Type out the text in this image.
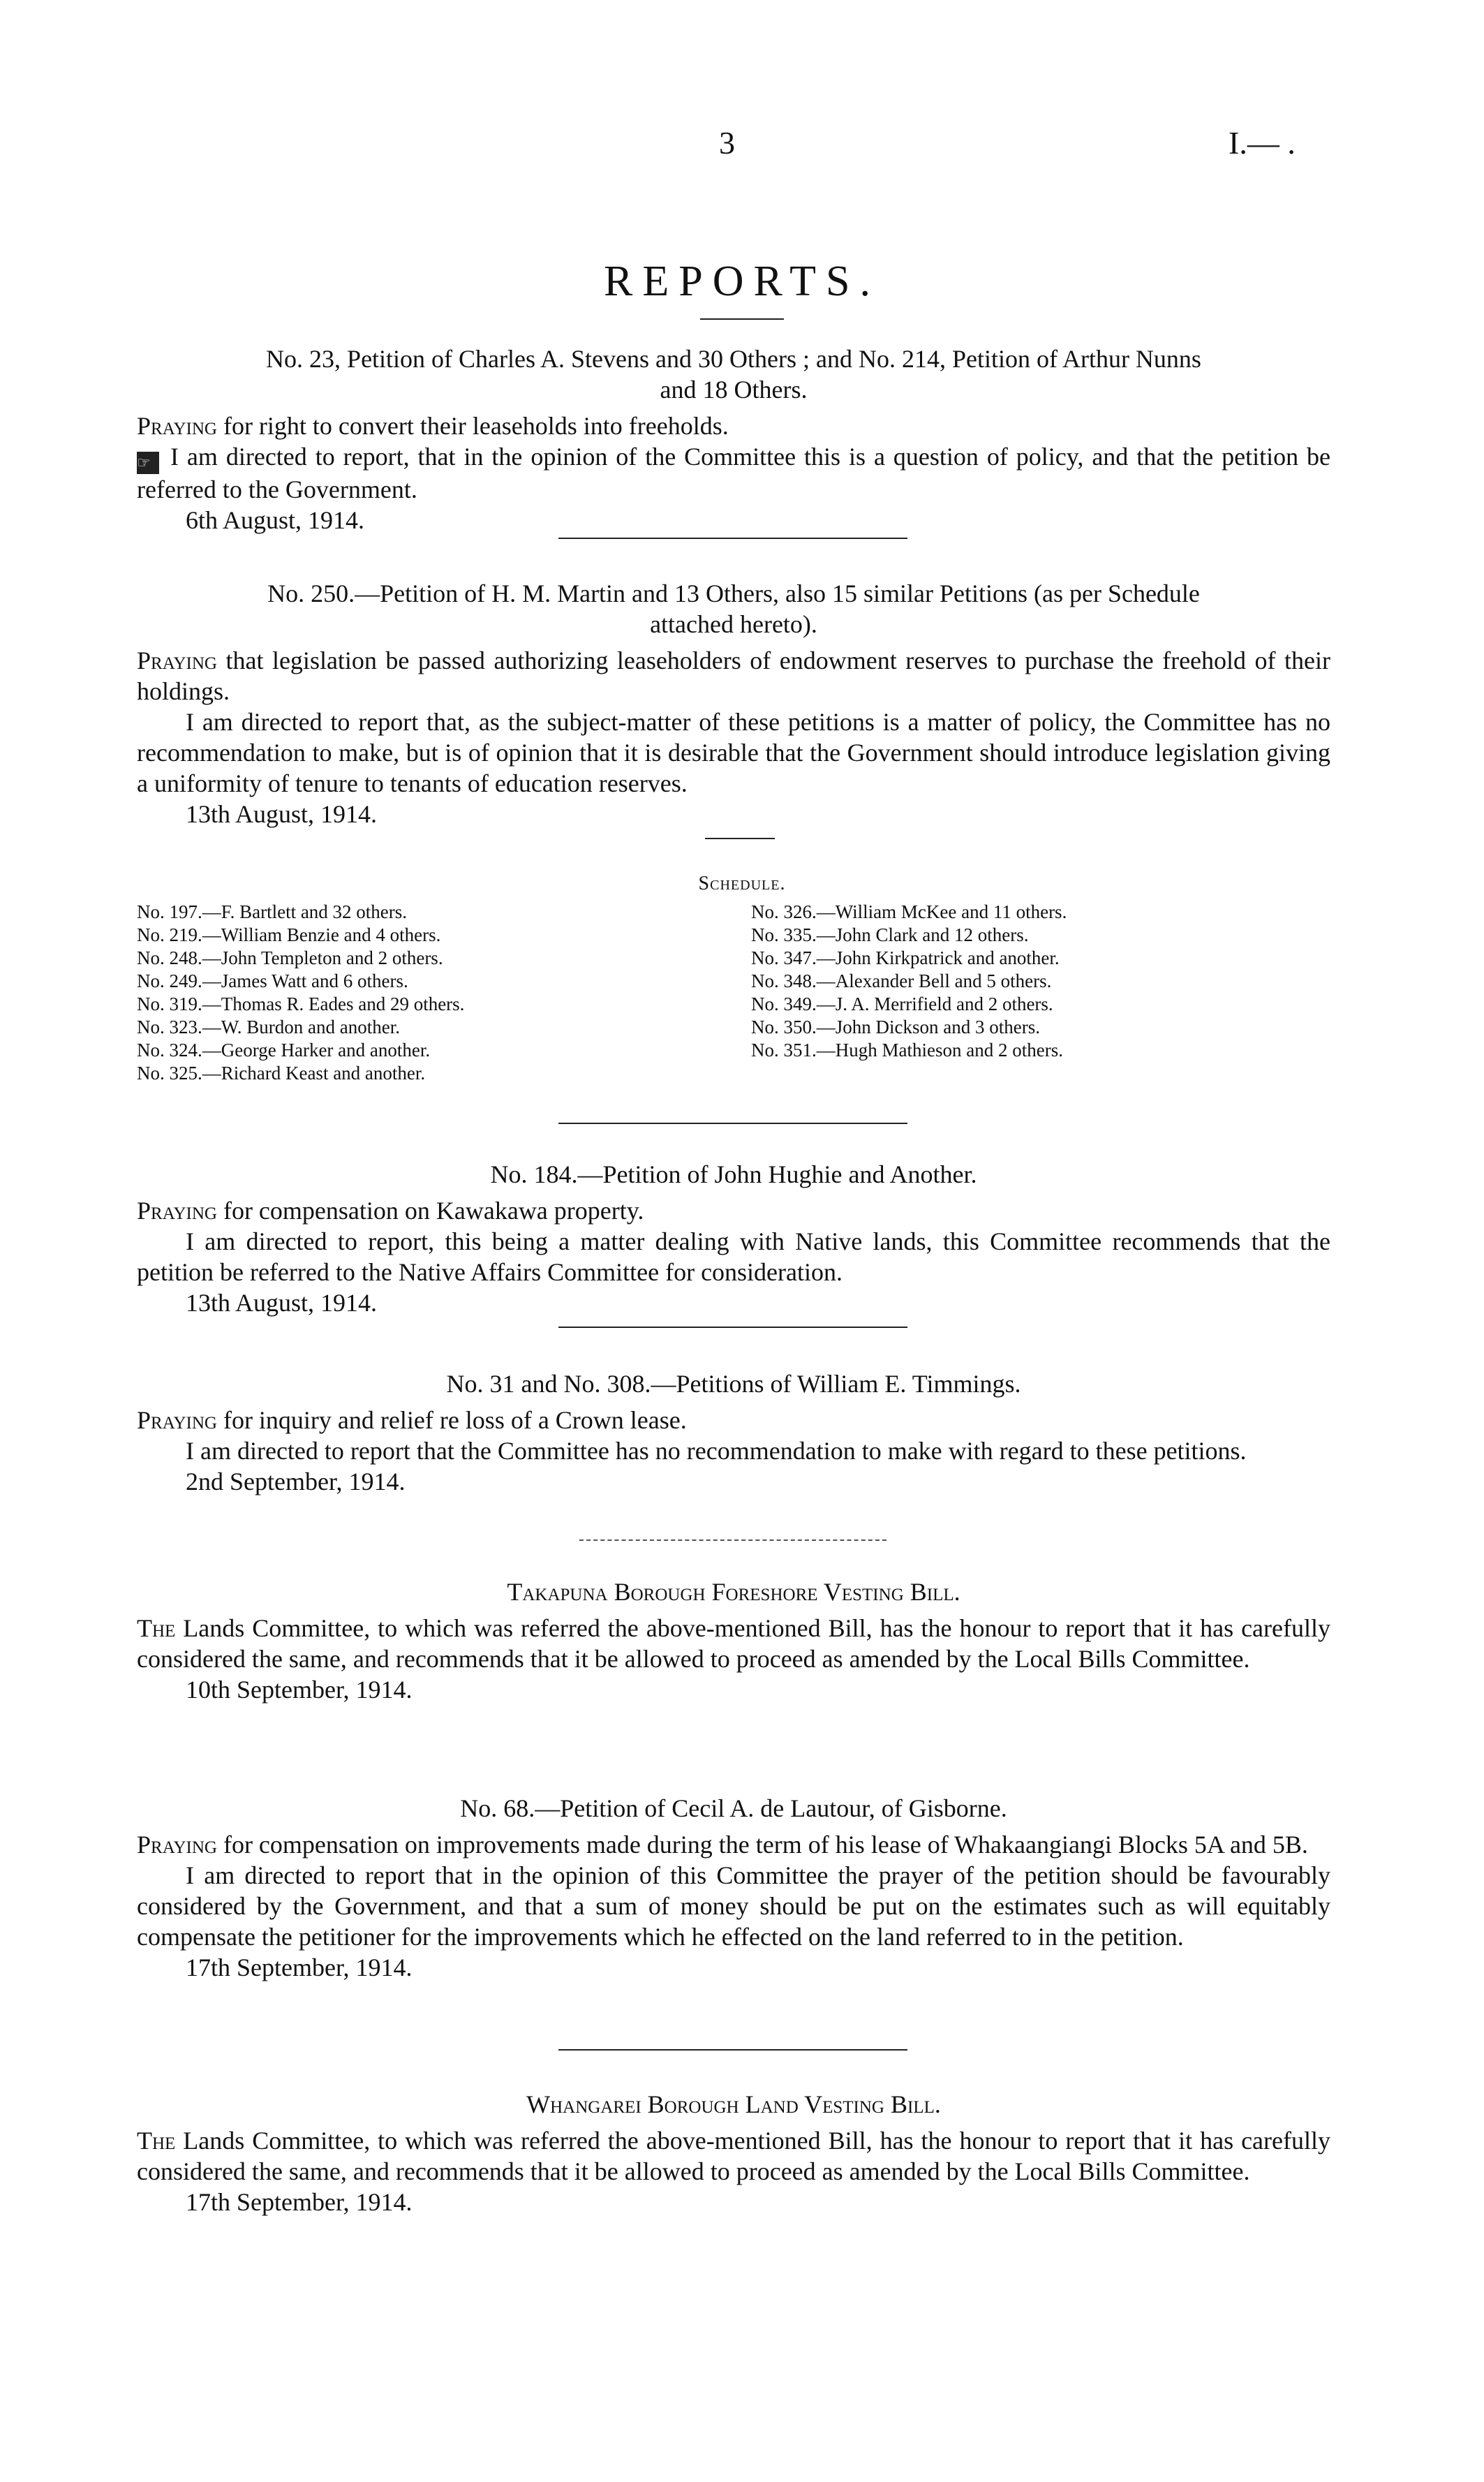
3	I.— .
REPORTS.

No. 23, Petition of Charles A. Stevens and 30 Others ; and No. 214, Petition of Arthur Nunns

and 18 Others.

Praying for right to convert their leaseholds into freeholds.

☞ I am directed to report, that in the opinion of the Committee this is a question of policy, and that the petition be referred to the Government.

6th August, 1914.

No. 250.—Petition of H. M. Martin and 13 Others, also 15 similar Petitions (as per Schedule

attached hereto).

Praying that legislation be passed authorizing leaseholders of endowment reserves to purchase the freehold of their holdings.

I am directed to report that, as the subject-matter of these petitions is a matter of policy, the Committee has no recommendation to make, but is of opinion that it is desirable that the Government should introduce legislation giving a uniformity of tenure to tenants of education reserves.

13th August, 1914.

Schedule.
No. 197.—F. Bartlett and 32 others.
No. 219.—William Benzie and 4 others.
No. 248.—John Templeton and 2 others.
No. 249.—James Watt and 6 others.
No. 319.—Thomas R. Eades and 29 others.
No. 323.—W. Burdon and another.
No. 324.—George Harker and another.
No. 325.—Richard Keast and another.
No. 326.—William McKee and 11 others.
No. 335.—John Clark and 12 others.
No. 347.—John Kirkpatrick and another.
No. 348.—Alexander Bell and 5 others.
No. 349.—J. A. Merrifield and 2 others.
No. 350.—John Dickson and 3 others.
No. 351.—Hugh Mathieson and 2 others.

No. 184.—Petition of John Hughie and Another.

Praying for compensation on Kawakawa property.

I am directed to report, this being a matter dealing with Native lands, this Committee recommends that the petition be referred to the Native Affairs Committee for consideration.

13th August, 1914.

No. 31 and No. 308.—Petitions of William E. Timmings.

Praying for inquiry and relief re loss of a Crown lease.

I am directed to report that the Committee has no recommendation to make with regard to these petitions.

2nd September, 1914.

Takapuna Borough Foreshore Vesting Bill.

The Lands Committee, to which was referred the above-mentioned Bill, has the honour to report that it has carefully considered the same, and recommends that it be allowed to proceed as amended by the Local Bills Committee.

10th September, 1914.

No. 68.—Petition of Cecil A. de Lautour, of Gisborne.

Praying for compensation on improvements made during the term of his lease of Whakaangiangi Blocks 5A and 5B.

I am directed to report that in the opinion of this Committee the prayer of the petition should be favourably considered by the Government, and that a sum of money should be put on the estimates such as will equitably compensate the petitioner for the improvements which he effected on the land referred to in the petition.

17th September, 1914.

Whangarei Borough Land Vesting Bill.

The Lands Committee, to which was referred the above-mentioned Bill, has the honour to report that it has carefully considered the same, and recommends that it be allowed to proceed as amended by the Local Bills Committee.

17th September, 1914.
